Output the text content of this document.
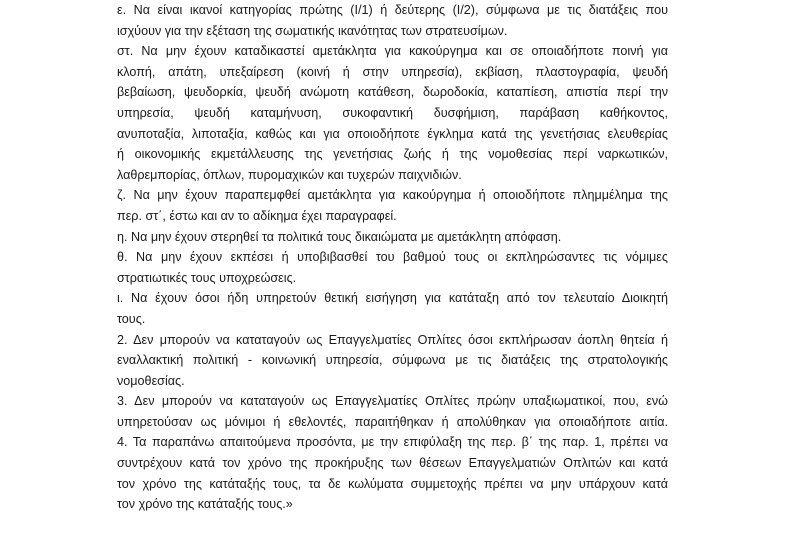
ε. Να είναι ικανοί κατηγορίας πρώτης (Ι/1) ή δεύτερης (Ι/2), σύμφωνα με τις διατάξεις που
ισχύουν για την εξέταση της σωματικής ικανότητας των στρατευσίμων.
στ. Να μην έχουν καταδικαστεί αμετάκλητα για κακούργημα και σε οποιαδήποτε ποινή για
κλοπή, απάτη, υπεξαίρεση (κοινή ή στην υπηρεσία), εκβίαση, πλαστογραφία, ψευδή
βεβαίωση, ψευδορκία, ψευδή ανώμοτη κατάθεση, δωροδοκία, καταπίεση, απιστία περί την
υπηρεσία, ψευδή καταμήνυση, συκοφαντική δυσφήμιση, παράβαση καθήκοντος,
ανυποταξία, λιποταξία, καθώς και για οποιοδήποτε έγκλημα κατά της γενετήσιας ελευθερίας
ή οικονομικής εκμετάλλευσης της γενετήσιας ζωής ή της νομοθεσίας περί ναρκωτικών,
λαθρεμπορίας, όπλων, πυρομαχικών και τυχερών παιχνιδιών.
ζ. Να μην έχουν παραπεμφθεί αμετάκλητα για κακούργημα ή οποιοδήποτε πλημμέλημα της
περ. στ΄, έστω και αν το αδίκημα έχει παραγραφεί.
η. Να μην έχουν στερηθεί τα πολιτικά τους δικαιώματα με αμετάκλητη απόφαση.
θ. Να μην έχουν εκπέσει ή υποβιβασθεί του βαθμού τους οι εκπληρώσαντες τις νόμιμες
στρατιωτικές τους υποχρεώσεις.
ι. Να έχουν όσοι ήδη υπηρετούν θετική εισήγηση για κατάταξη από τον τελευταίο Διοικητή
τους.
2. Δεν μπορούν να καταταγούν ως Επαγγελματίες Οπλίτες όσοι εκπλήρωσαν άοπλη θητεία ή
εναλλακτική πολιτική - κοινωνική υπηρεσία, σύμφωνα με τις διατάξεις της στρατολογικής
νομοθεσίας.
3. Δεν μπορούν να καταταγούν ως Επαγγελματίες Οπλίτες πρώην υπαξιωματικοί, που, ενώ
υπηρετούσαν ως μόνιμοι ή εθελοντές, παραιτήθηκαν ή απολύθηκαν για οποιαδήποτε αιτία.
4. Τα παραπάνω απαιτούμενα προσόντα, με την επιφύλαξη της περ. β΄ της παρ. 1, πρέπει να
συντρέχουν κατά τον χρόνο της προκήρυξης των θέσεων Επαγγελματιών Οπλιτών και κατά
τον χρόνο της κατάταξής τους, τα δε κωλύματα συμμετοχής πρέπει να μην υπάρχουν κατά
τον χρόνο της κατάταξής τους.»
